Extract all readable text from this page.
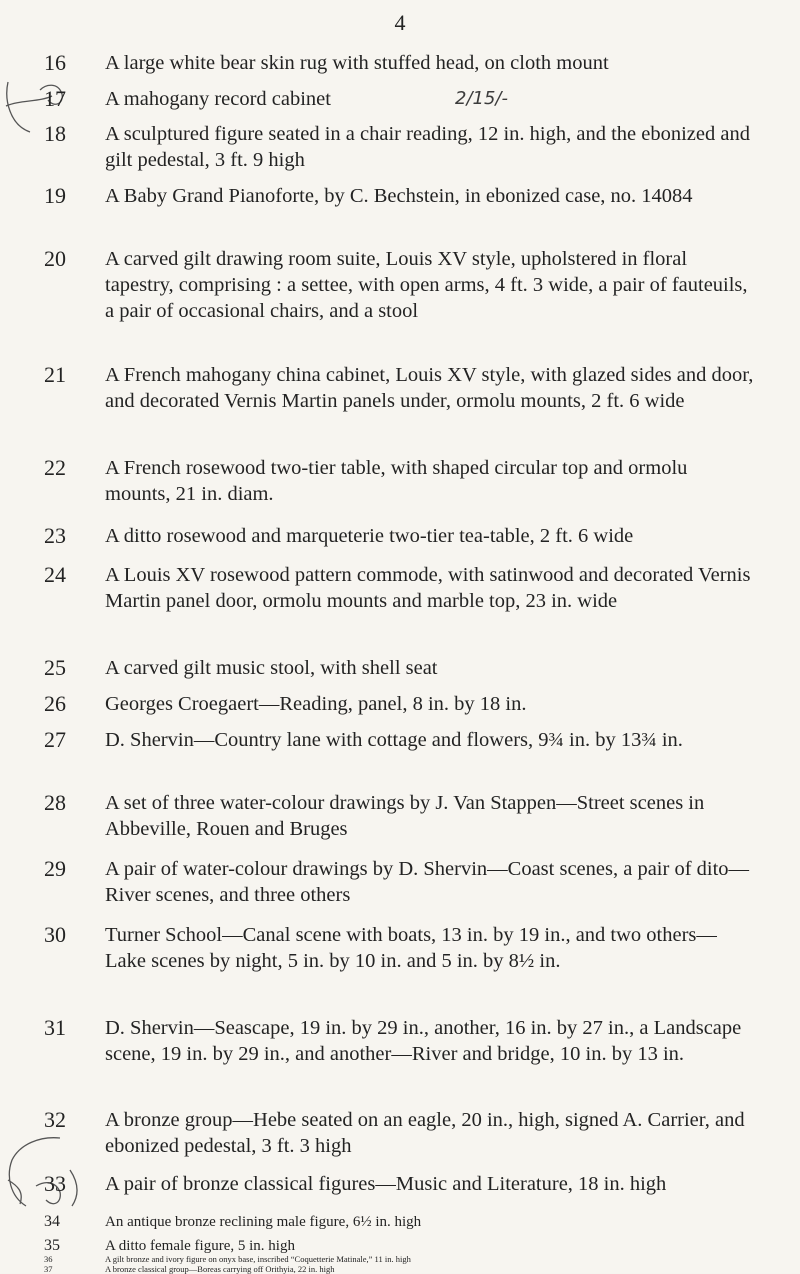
4
16	A large white bear skin rug with stuffed head, on cloth mount
17	A mahogany record cabinet	2/15/-
18	A sculptured figure seated in a chair reading, 12 in. high, and the ebonized and gilt pedestal, 3 ft. 9 high
19	A Baby Grand Pianoforte, by C. Bechstein, in ebonized case, no. 14084
20	A carved gilt drawing room suite, Louis XV style, upholstered in floral tapestry, comprising : a settee, with open arms, 4 ft. 3 wide, a pair of fauteuils, a pair of occasional chairs, and a stool
21	A French mahogany china cabinet, Louis XV style, with glazed sides and door, and decorated Vernis Martin panels under, ormolu mounts, 2 ft. 6 wide
22	A French rosewood two-tier table, with shaped circular top and ormolu mounts, 21 in. diam.
23	A ditto rosewood and marqueterie two-tier tea-table, 2 ft. 6 wide
24	A Louis XV rosewood pattern commode, with satinwood and decorated Vernis Martin panel door, ormolu mounts and marble top, 23 in. wide
25	A carved gilt music stool, with shell seat
26	Georges Croegaert—Reading, panel, 8 in. by 18 in.
27	D. Shervin—Country lane with cottage and flowers, 9¾ in. by 13¾ in.
28	A set of three water-colour drawings by J. Van Stappen—Street scenes in Abbeville, Rouen and Bruges
29	A pair of water-colour drawings by D. Shervin—Coast scenes, a pair of dito—River scenes, and three others
30	Turner School—Canal scene with boats, 13 in. by 19 in., and two others—Lake scenes by night, 5 in. by 10 in. and 5 in. by 8½ in.
31	D. Shervin—Seascape, 19 in. by 29 in., another, 16 in. by 27 in., a Landscape scene, 19 in. by 29 in., and another—River and bridge, 10 in. by 13 in.
32	A bronze group—Hebe seated on an eagle, 20 in., high, signed A. Carrier, and ebonized pedestal, 3 ft. 3 high
33	A pair of bronze classical figures—Music and Literature, 18 in. high
34	An antique bronze reclining male figure, 6½ in. high
35	A ditto female figure, 5 in. high
36	A gilt bronze and ivory figure on onyx base, inscribed “Coquetterie Matinale,” 11 in. high
37	A bronze classical group—Boreas carrying off Orithyia, 22 in. high
